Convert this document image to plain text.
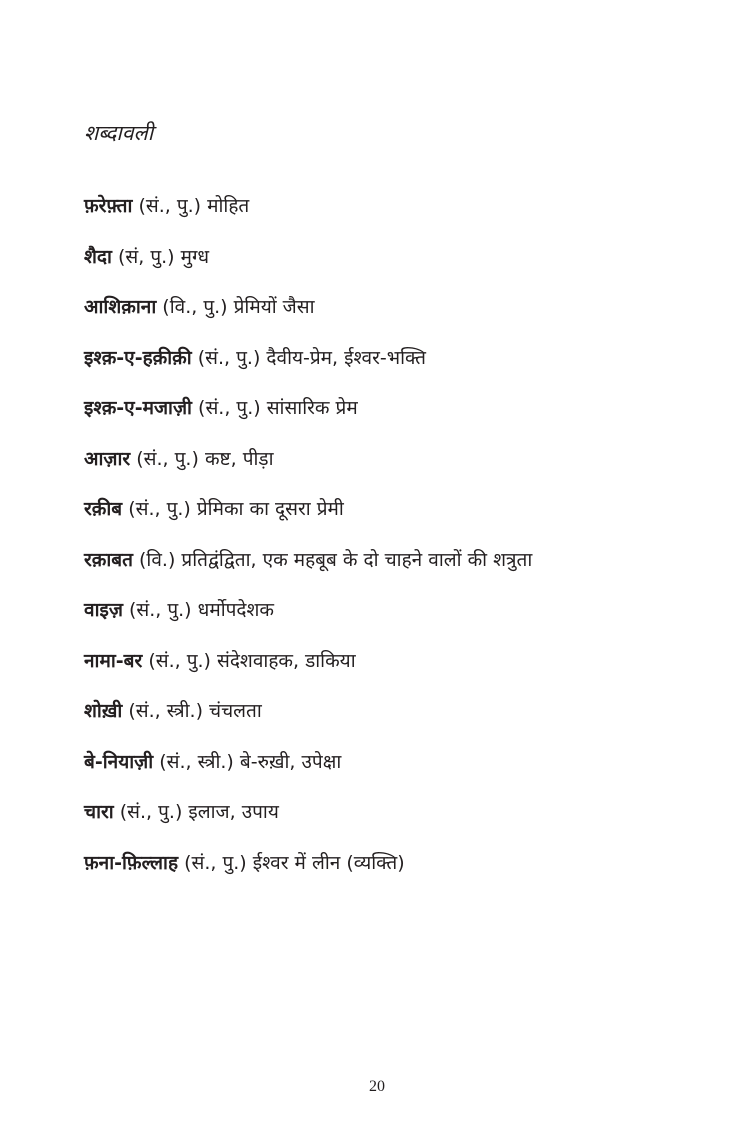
शब्दावली
फ़रेफ़्ता (सं., पु.) मोहित
शैदा (सं, पु.) मुग्ध
आशिक़ाना (वि., पु.) प्रेमियों जैसा
इश्क़-ए-हक़ीक़ी (सं., पु.) दैवीय-प्रेम, ईश्वर-भक्ति
इश्क़-ए-मजाज़ी (सं., पु.) सांसारिक प्रेम
आज़ार (सं., पु.) कष्ट, पीड़ा
रक़ीब (सं., पु.) प्रेमिका का दूसरा प्रेमी
रक़ाबत (वि.) प्रतिद्वंद्विता, एक महबूब के दो चाहने वालों की शत्रुता
वाइज़ (सं., पु.) धर्मोपदेशक
नामा-बर (सं., पु.) संदेशवाहक, डाकिया
शोख़ी (सं., स्त्री.) चंचलता
बे-नियाज़ी (सं., स्त्री.) बे-रुख़ी, उपेक्षा
चारा (सं., पु.) इलाज, उपाय
फ़ना-फ़िल्लाह (सं., पु.) ईश्वर में लीन (व्यक्ति)
20
